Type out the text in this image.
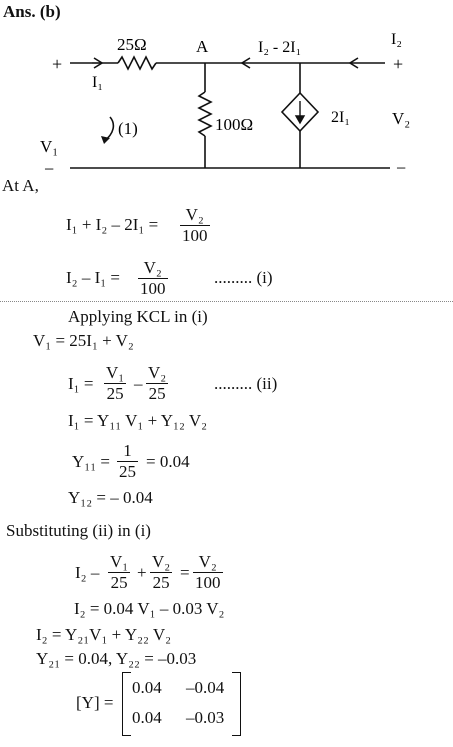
Ans. (b)
+	+
−	−
25Ω	A	I₂ - 2I₁
I₁
I₂
(1)	100Ω	2I₁ V₂
V₁
At A,
I₁ + I₂ – 2I₁ =
V₂
100
I₂ – I₁ =
V₂
100
......... (i)
Applying KCL in (i)
V₁ = 25I₁ + V₂
I₁ =
V₁
25
–
V₂
25
......... (ii)
I₁ = Y₁₁ V₁ + Y₁₂ V₂
Y₁₁ =
1
25
= 0.04
Y₁₂ = – 0.04
Substituting (ii) in (i)
I₂ –
V₁
25
+
V₂
25
=
V₂
100
I₂ = 0.04 V₁ – 0.03 V₂
I₂ = Y₂₁V₁ + Y₂₂ V₂
Y₂₁ = 0.04, Y₂₂ = –0.03
[Y] =
0.04 –0.04
0.04 –0.03
